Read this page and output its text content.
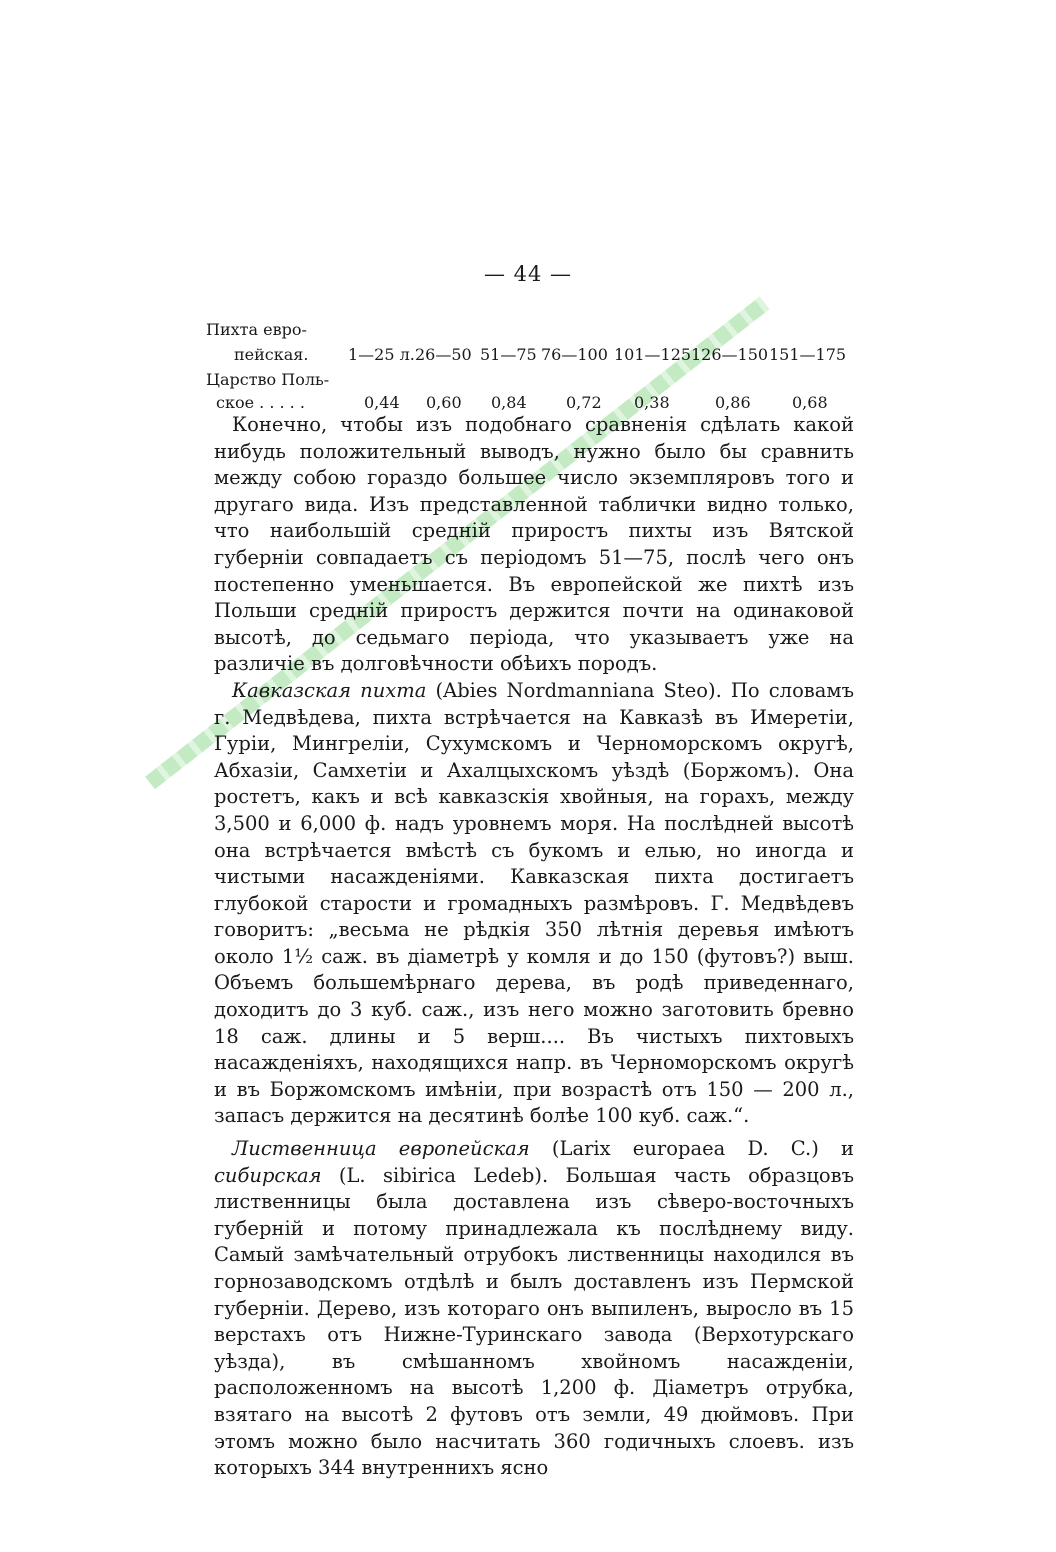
— 44 —
Пихта евро-
пейская.
Царство Поль-
ское . . . . .
1—25 л. 26—50 51—75 76—100 101—125 126—150 151—175
0,44 0,60 0,84 0,72 0,38	0,86	0,68

Конечно, чтобы изъ подобнаго сравненія сдѣлать какой нибудь положительный выводъ, нужно было бы сравнить между собою гораздо большее число экземпляровъ того и другаго вида. Изъ представленной таблички видно только, что наибольшій средній приростъ пихты изъ Вятской губерніи совпадаетъ съ періодомъ 51—75, послѣ чего онъ постепенно уменьшается. Въ европейской же пихтѣ изъ Польши средній приростъ держится почти на одинаковой высотѣ, до седьмаго періода, что указываетъ уже на различіе въ долговѣчности обѣихъ породъ.

Кавказская пихта (Abies Nordmanniana Steo). По словамъ г. Медвѣдева, пихта встрѣчается на Кавказѣ въ Имеретіи, Гуріи, Мингреліи, Сухумскомъ и Черноморскомъ округѣ, Абхазіи, Самхетіи и Ахалцыхскомъ уѣздѣ (Боржомъ). Она ростетъ, какъ и всѣ кавказскія хвойныя, на горахъ, между 3,500 и 6,000 ф. надъ уровнемъ моря. На послѣдней высотѣ она встрѣчается вмѣстѣ съ букомъ и елью, но иногда и чистыми насажденіями. Кавказская пихта достигаетъ глубокой старости и громадныхъ размѣровъ. Г. Медвѣдевъ говоритъ: „весьма не рѣдкія 350 лѣтнія деревья имѣютъ около 1½ саж. въ діаметрѣ у комля и до 150 (футовъ?) выш. Объемъ большемѣрнаго дерева, въ родѣ приведеннаго, доходитъ до 3 куб. саж., изъ него можно заготовить бревно 18 саж. длины и 5 верш.... Въ чистыхъ пихтовыхъ насажденіяхъ, находящихся напр. въ Черноморскомъ округѣ и въ Боржомскомъ имѣніи, при возрастѣ отъ 150 — 200 л., запасъ держится на десятинѣ болѣе 100 куб. саж.“.

Лиственница европейская (Larix europaea D. C.) и сибирская (L. sibirica Ledeb). Большая часть образцовъ лиственницы была доставлена изъ сѣверо-восточныхъ губерній и потому принадлежала къ послѣднему виду. Самый замѣчательный отрубокъ лиственницы находился въ горнозаводскомъ отдѣлѣ и былъ доставленъ изъ Пермской губерніи. Дерево, изъ котораго онъ выпиленъ, выросло въ 15 верстахъ отъ Нижне-Туринскаго завода (Верхотурскаго уѣзда), въ смѣшанномъ хвойномъ насажденіи, расположенномъ на высотѣ 1,200 ф. Діаметръ отрубка, взятаго на высотѣ 2 футовъ отъ земли, 49 дюймовъ. При этомъ можно было насчитать 360 годичныхъ слоевъ. изъ которыхъ 344 внутреннихъ ясно
